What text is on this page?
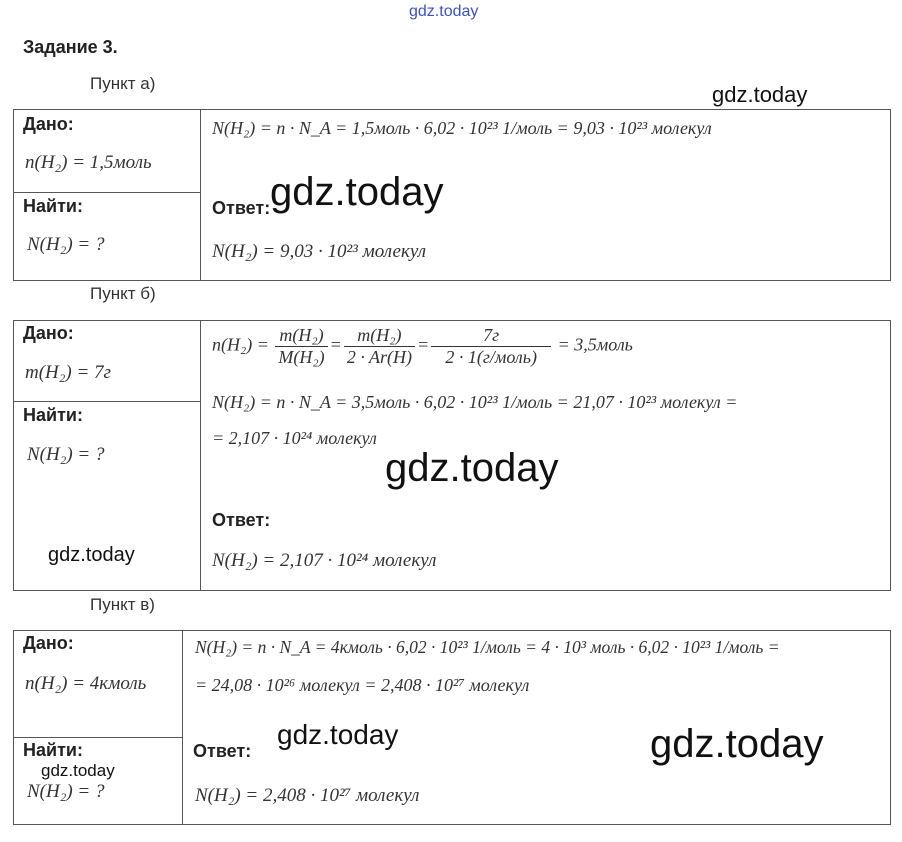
gdz.today
Задание 3.
Пункт а)
Дано:
n(H₂) = 1,5моль
Найти:
N(H₂) = ?
N(H₂) = n · N_A = 1,5моль · 6,02 · 10²³ 1/моль = 9,03 · 10²³ молекул
Ответ:
N(H₂) = 9,03 · 10²³ молекул
gdz.today
gdz.today
Пункт б)
Дано:
m(H₂) = 7г
Найти:
N(H₂) = ?
$n(H_2) = \frac{\text{m(H₂)}}{\text{M(H₂)}} = \frac{\text{m(H₂)}}{2 \cdot Ar(H)} = \frac{7г}{\text{2 · 1(г/моль)}}$ = 3,5моль
N(H₂) = n · N_A = 3,5моль · 6,02 · 10²³ 1/моль = 21,07 · 10²³ молекул =
= 2,107 · 10²⁴ молекул
Ответ:
N(H₂) = 2,107 · 10²⁴ молекул
gdz.today
gdz.today
Пункт в)
Дано:
n(H₂) = 4кмоль
Найти:
N(H₂) = ?
N(H₂) = n · N_A = 4кмоль · 6,02 · 10²³ 1/моль = 4 · 10³ моль · 6,02 · 10²³ 1/моль =
= 24,08 · 10²⁶ молекул = 2,408 · 10²⁷ молекул
Ответ:
N(H₂) = 2,408 · 10²⁷ молекул
gdz.today	gdz.today
gdz.today
